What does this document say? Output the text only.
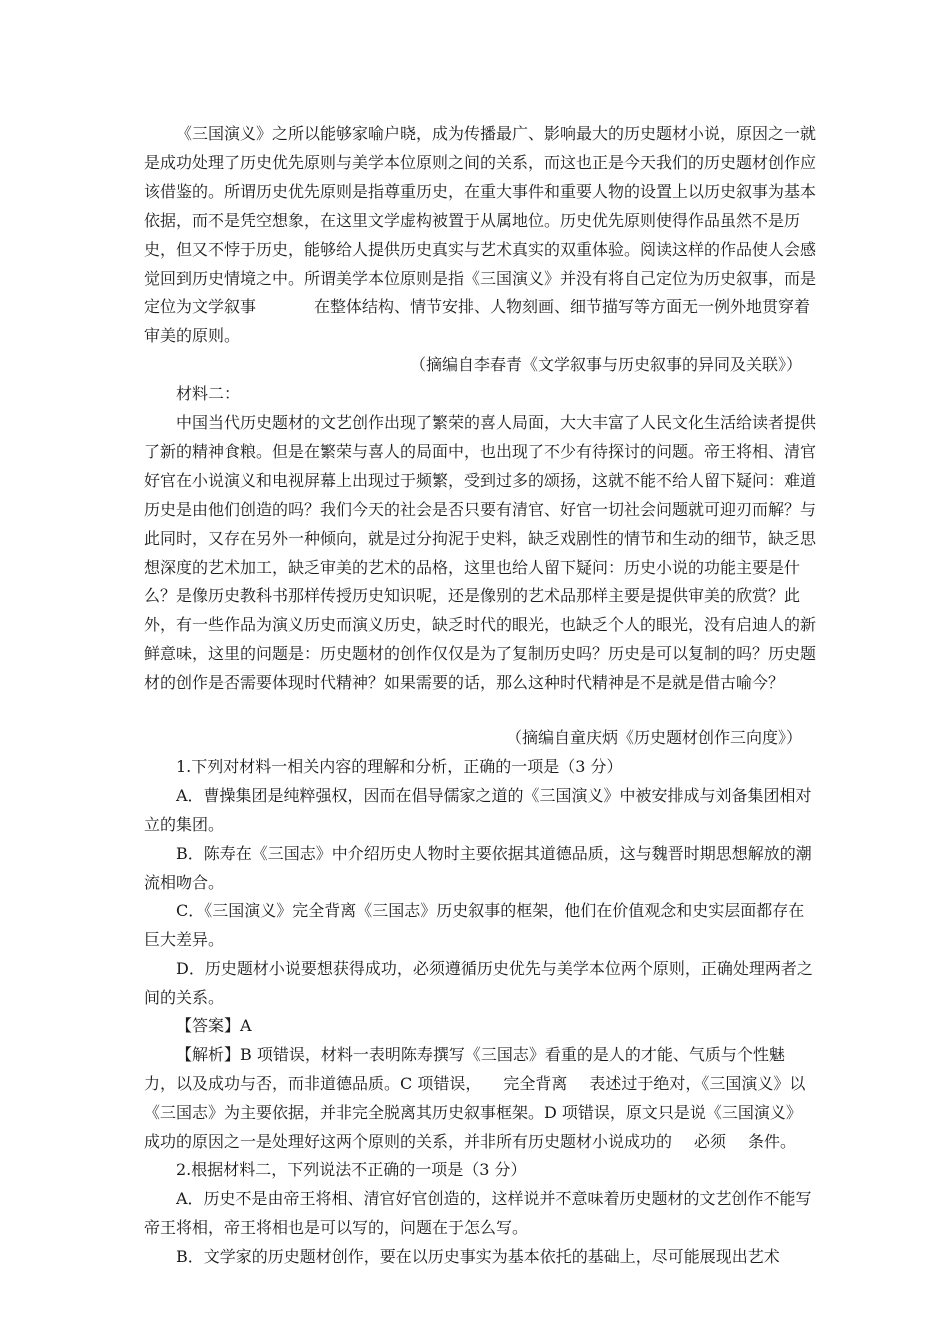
《三国演义》之所以能够家喻户晓，成为传播最广、影响最大的历史题材小说，原因之一就是成功处理了历史优先原则与美学本位原则之间的关系，而这也正是今天我们的历史题材创作应该借鉴的。所谓历史优先原则是指尊重历史，在重大事件和重要人物的设置上以历史叙事为基本依据，而不是凭空想象，在这里文学虚构被置于从属地位。历史优先原则使得作品虽然不是历史，但又不悖于历史，能够给人提供历史真实与艺术真实的双重体验。阅读这样的作品使人会感觉回到历史情境之中。所谓美学本位原则是指《三国演义》并没有将自己定位为历史叙事，而是定位为文学叙事	在整体结构、情节安排、人物刻画、细节描写等方面无一例外地贯穿着审美的原则。
（摘编自李春青《文学叙事与历史叙事的异同及关联》）
材料二：
中国当代历史题材的文艺创作出现了繁荣的喜人局面，大大丰富了人民文化生活给读者提供了新的精神食粮。但是在繁荣与喜人的局面中，也出现了不少有待探讨的问题。帝王将相、清官好官在小说演义和电视屏幕上出现过于频繁，受到过多的颂扬，这就不能不给人留下疑问：难道历史是由他们创造的吗？我们今天的社会是否只要有清官、好官一切社会问题就可迎刃而解？与此同时，又存在另外一种倾向，就是过分拘泥于史料，缺乏戏剧性的情节和生动的细节，缺乏思想深度的艺术加工，缺乏审美的艺术的品格，这里也给人留下疑问：历史小说的功能主要是什么？是像历史教科书那样传授历史知识呢，还是像别的艺术品那样主要是提供审美的欣赏？此外，有一些作品为演义历史而演义历史，缺乏时代的眼光，也缺乏个人的眼光，没有启迪人的新鲜意味，这里的问题是：历史题材的创作仅仅是为了复制历史吗？历史是可以复制的吗？历史题材的创作是否需要体现时代精神？如果需要的话，那么这种时代精神是不是就是借古喻今？
（摘编自童庆炳《历史题材创作三向度》）
1.下列对材料一相关内容的理解和分析，正确的一项是（3 分）
A．曹操集团是纯粹强权，因而在倡导儒家之道的《三国演义》中被安排成与刘备集团相对立的集团。
B．陈寿在《三国志》中介绍历史人物时主要依据其道德品质，这与魏晋时期思想解放的潮流相吻合。
C．《三国演义》完全背离《三国志》历史叙事的框架，他们在价值观念和史实层面都存在巨大差异。
D．历史题材小说要想获得成功，必须遵循历史优先与美学本位两个原则，正确处理两者之间的关系。
【答案】A
【解析】B 项错误，材料一表明陈寿撰写《三国志》看重的是人的才能、气质与个性魅力，以及成功与否，而非道德品质。C 项错误， 完全背离 表述过于绝对，《三国演义》以《三国志》为主要依据，并非完全脱离其历史叙事框架。D 项错误，原文只是说《三国演义》成功的原因之一是处理好这两个原则的关系，并非所有历史题材小说成功的 必须 条件。
2.根据材料二，下列说法不正确的一项是（3 分）
A．历史不是由帝王将相、清官好官创造的，这样说并不意味着历史题材的文艺创作不能写帝王将相，帝王将相也是可以写的，问题在于怎么写。
B．文学家的历史题材创作，要在以历史事实为基本依托的基础上，尽可能展现出艺术
